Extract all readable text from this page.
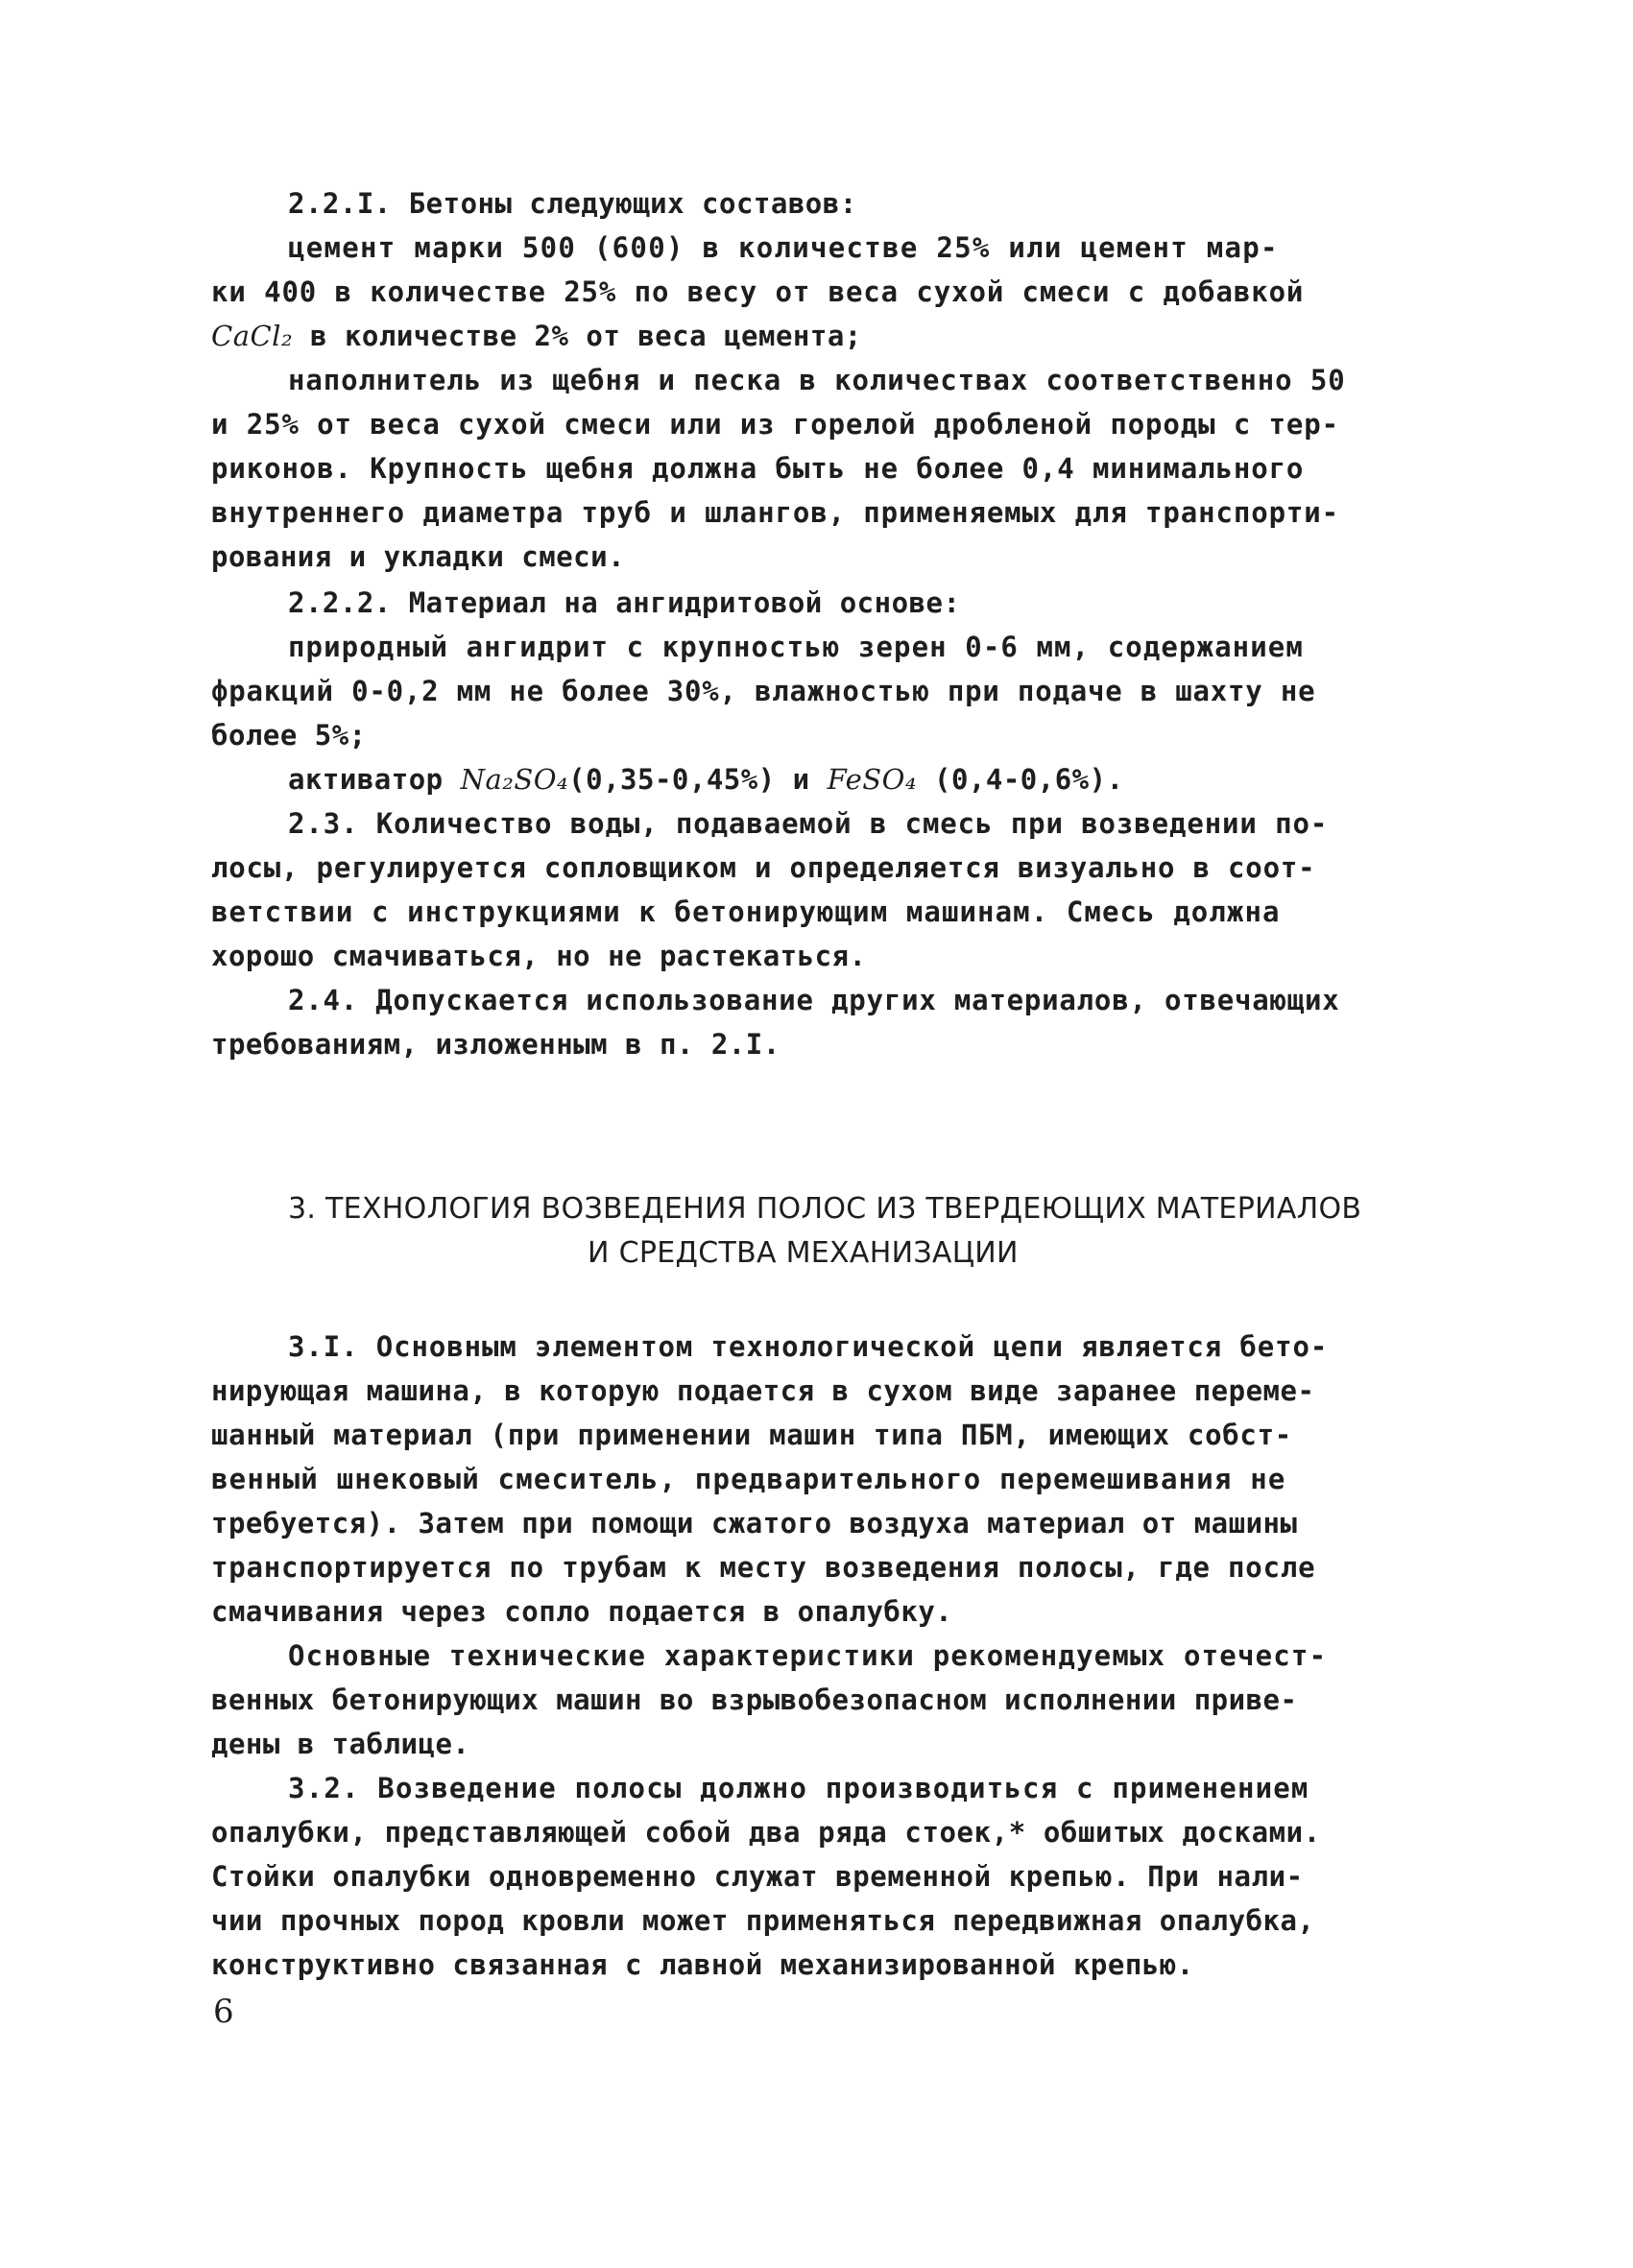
2.2.I. Бетоны следующих составов:
цемент марки 500 (600) в количестве 25% или цемент мар-
ки 400 в количестве 25% по весу от веса сухой смеси с добавкой
CaCl₂ в количестве 2% от веса цемента;
наполнитель из щебня и песка в количествах соответственно 50
и 25% от веса сухой смеси или из горелой дробленой породы с тер-
риконов. Крупность щебня должна быть не более 0,4 минимального
внутреннего диаметра труб и шлангов, применяемых для транспорти-
рования и укладки смеси.
2.2.2. Материал на ангидритовой основе:
природный ангидрит с крупностью зерен 0-6 мм, содержанием
фракций 0-0,2 мм не более 30%, влажностью при подаче в шахту не
более 5%;
активатор Na₂SO₄(0,35-0,45%) и FeSO₄ (0,4-0,6%).
2.3. Количество воды, подаваемой в смесь при возведении по-
лосы, регулируется сопловщиком и определяется визуально в соот-
ветствии с инструкциями к бетонирующим машинам. Смесь должна
хорошо смачиваться, но не растекаться.
2.4. Допускается использование других материалов, отвечающих
требованиям, изложенным в п. 2.I.
3. ТЕХНОЛОГИЯ ВОЗВЕДЕНИЯ ПОЛОС ИЗ ТВЕРДЕЮЩИХ МАТЕРИАЛОВ
И СРЕДСТВА МЕХАНИЗАЦИИ
3.I. Основным элементом технологической цепи является бето-
нирующая машина, в которую подается в сухом виде заранее переме-
шанный материал (при применении машин типа ПБМ, имеющих собст-
венный шнековый смеситель, предварительного перемешивания не
требуется). Затем при помощи сжатого воздуха материал от машины
транспортируется по трубам к месту возведения полосы, где после
смачивания через сопло подается в опалубку.
Основные технические характеристики рекомендуемых отечест-
венных бетонирующих машин во взрывобезопасном исполнении приве-
дены в таблице.
3.2. Возведение полосы должно производиться с применением
опалубки, представляющей собой два ряда стоек,* обшитых досками.
Стойки опалубки одновременно служат временной крепью. При нали-
чии прочных пород кровли может применяться передвижная опалубка,
конструктивно связанная с лавной механизированной крепью.
6
